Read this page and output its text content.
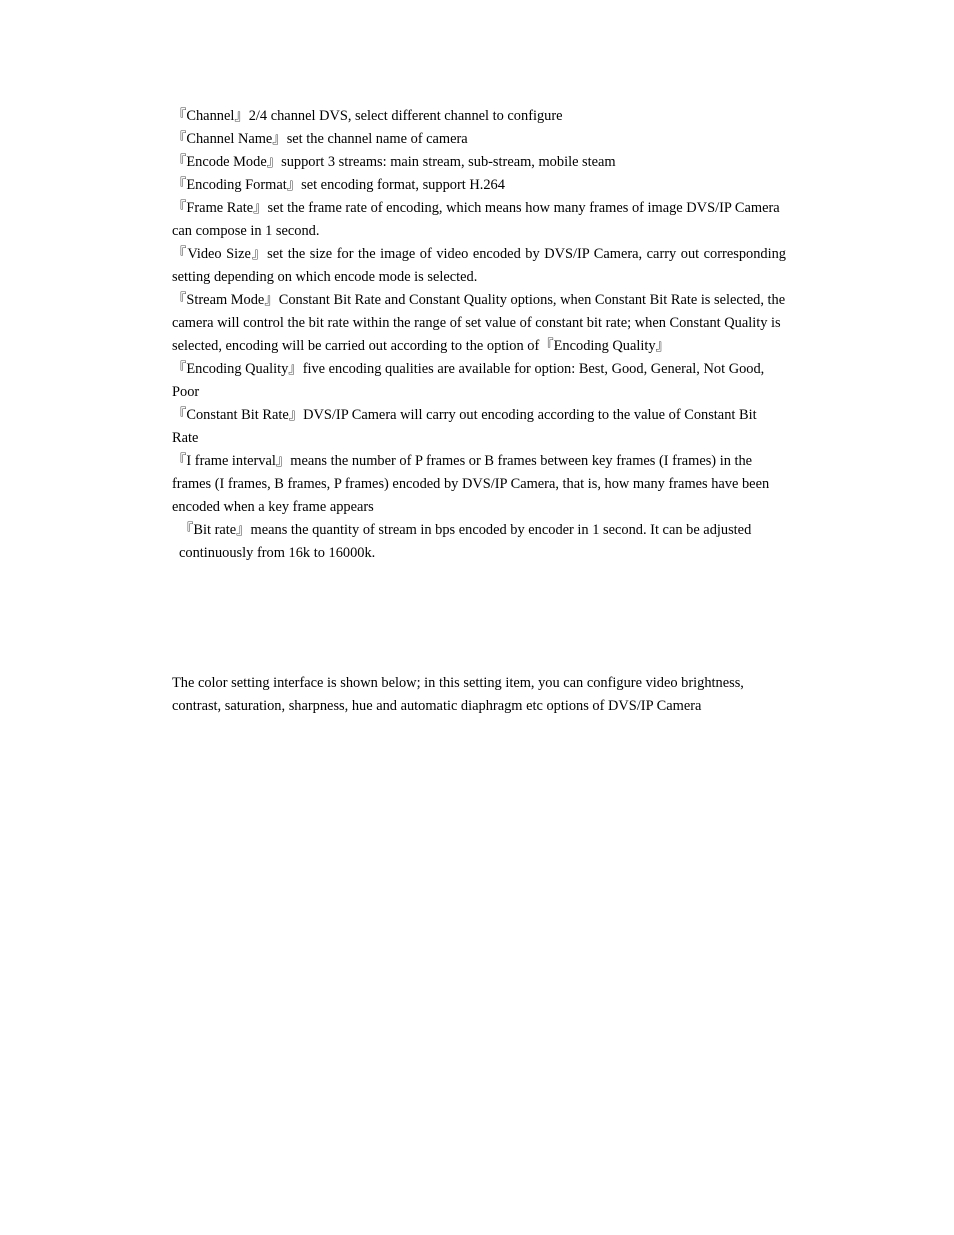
『Channel』2/4 channel DVS, select different channel to configure

『Channel Name』set the channel name of camera

『Encode Mode』support 3 streams: main stream, sub-stream, mobile steam

『Encoding Format』set encoding format, support H.264

『Frame Rate』set the frame rate of encoding, which means how many frames of image DVS/IP Camera can compose in 1 second.

『Video Size』set the size for the image of video encoded by DVS/IP Camera, carry out corresponding setting depending on which encode mode is selected.

『Stream Mode』Constant Bit Rate and Constant Quality options, when Constant Bit Rate is selected, the camera will control the bit rate within the range of set value of constant bit rate; when Constant Quality is selected, encoding will be carried out according to the option of『Encoding Quality』

『Encoding Quality』five encoding qualities are available for option: Best, Good, General, Not Good, Poor

『Constant Bit Rate』DVS/IP Camera will carry out encoding according to the value of Constant Bit Rate

『I frame interval』means the number of P frames or B frames between key frames (I frames) in the frames (I frames, B frames, P frames) encoded by DVS/IP Camera, that is, how many frames have been encoded when a key frame appears

『Bit rate』means the quantity of stream in bps encoded by encoder in 1 second. It can be adjusted continuously from 16k to 16000k.

The color setting interface is shown below; in this setting item, you can configure video brightness, contrast, saturation, sharpness, hue and automatic diaphragm etc options of DVS/IP Camera
